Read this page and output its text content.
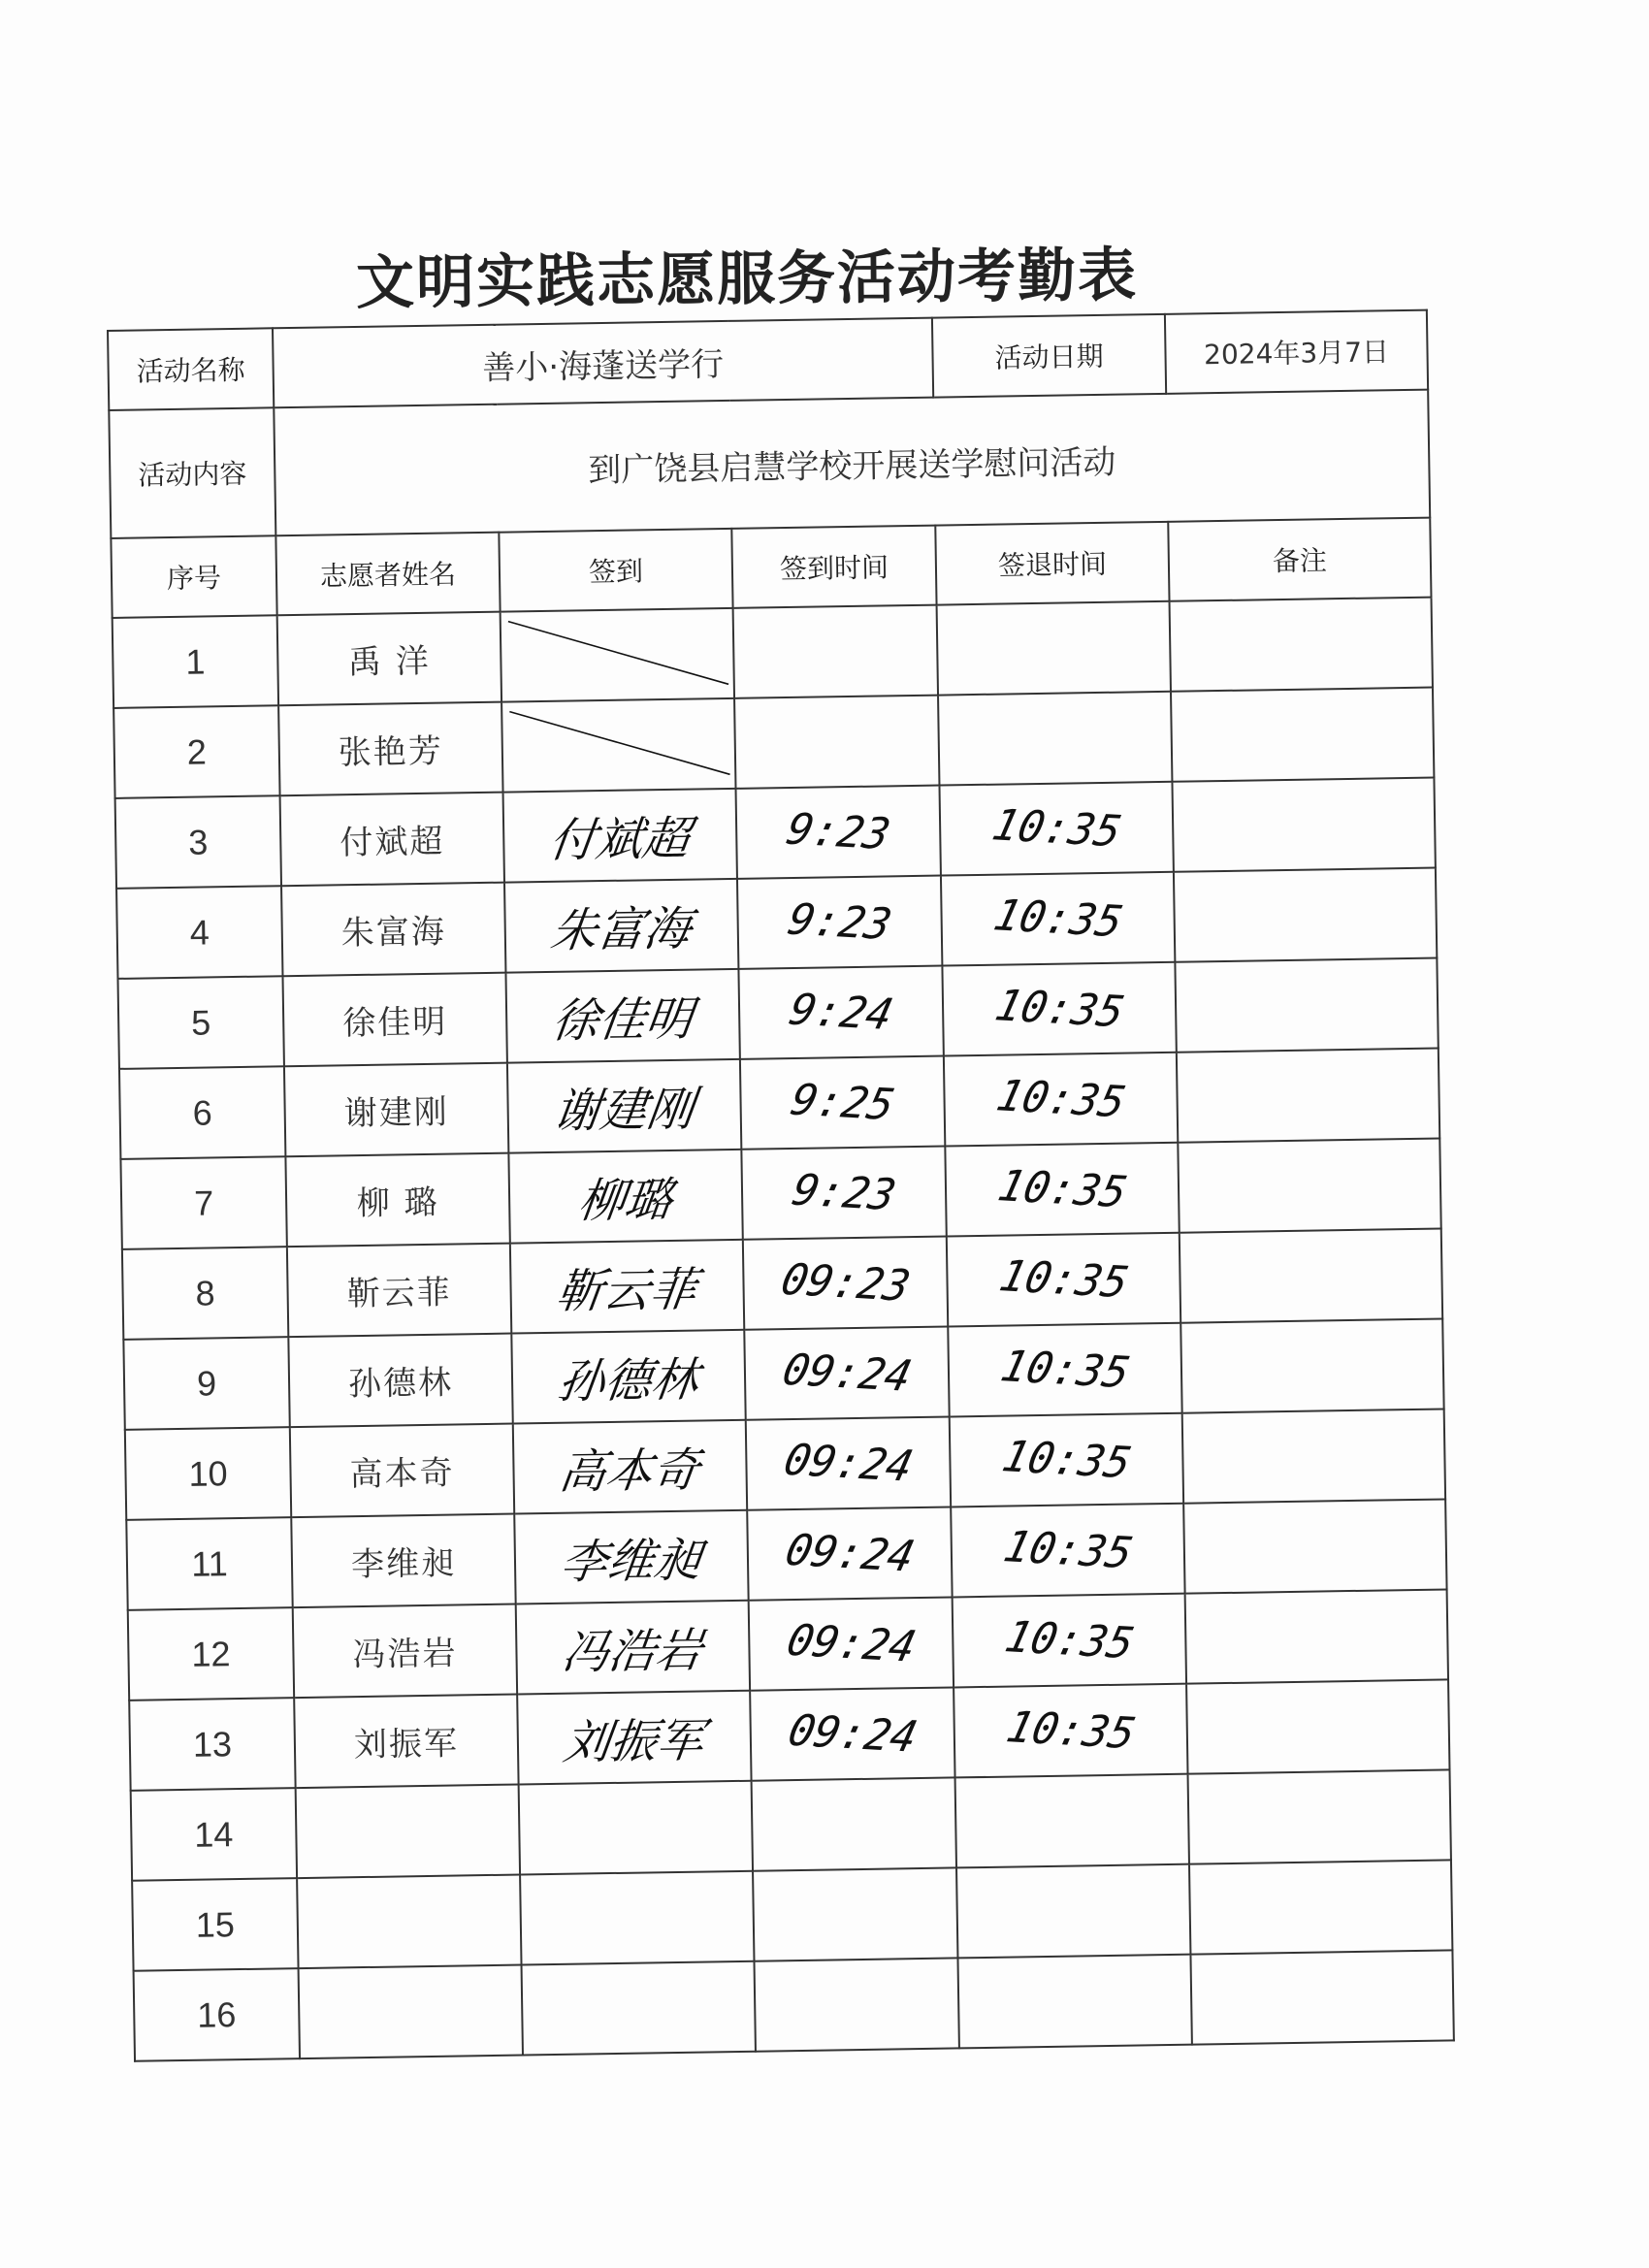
文明实践志愿服务活动考勤表
活动名称	善小·海蓬送学行			活动日期	2024年3月7日
活动内容	到广饶县启慧学校开展送学慰问活动				
序号	志愿者姓名	签到	签到时间	签退时间	备注
1	禹 洋	

2	张艳芳	

3	付斌超	付斌超	9:23	10:35	
4	朱富海	朱富海	9:23	10:35	
5	徐佳明	徐佳明	9:24	10:35	
6	谢建刚	谢建刚	9:25	10:35	
7	柳 璐	柳璐	9:23	10:35	
8	靳云菲	靳云菲	09:23	10:35	
9	孙德林	孙德林	09:24	10:35	
10	高本奇	高本奇	09:24	10:35	
11	李维昶	李维昶	09:24	10:35	
12	冯浩岩	冯浩岩	09:24	10:35	
13	刘振军	刘振军	09:24	10:35	
14					
15					
16					
